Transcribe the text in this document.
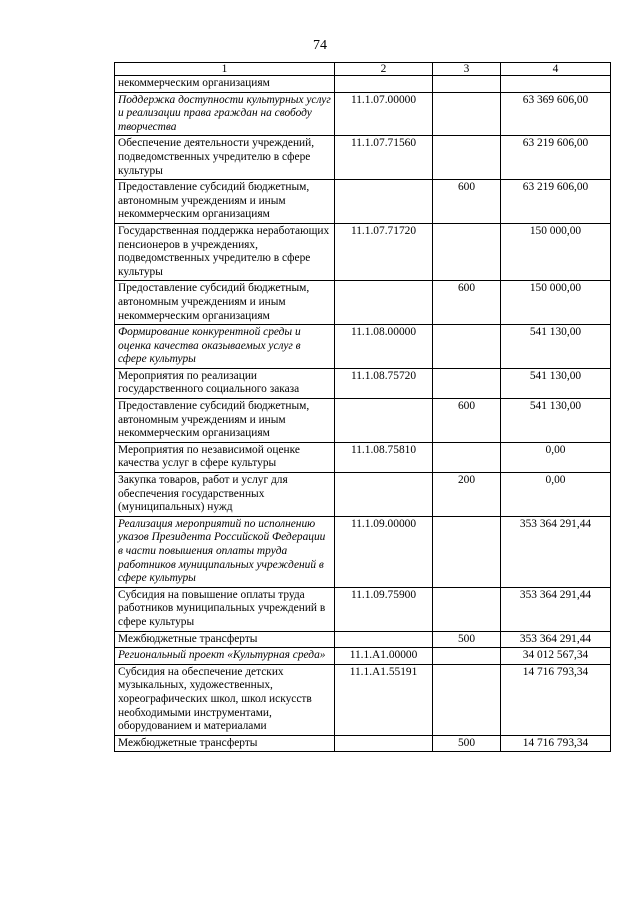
74
1	2	3	4
некоммерческим организациям			
Поддержка доступности культурных услуг и реализации права граждан на свободу творчества	11.1.07.00000		63 369 606,00
Обеспечение деятельности учреждений, подведомственных учредителю в сфере культуры	11.1.07.71560		63 219 606,00
Предоставление субсидий бюджетным, автономным учреждениям и иным некоммерческим организациям		600	63 219 606,00
Государственная поддержка неработающих пенсионеров в учреждениях, подведомственных учредителю в сфере культуры	11.1.07.71720		150 000,00
Предоставление субсидий бюджетным, автономным учреждениям и иным некоммерческим организациям		600	150 000,00
Формирование конкурентной среды и оценка качества оказываемых услуг в сфере культуры	11.1.08.00000		541 130,00
Мероприятия по реализации государственного социального заказа	11.1.08.75720		541 130,00
Предоставление субсидий бюджетным, автономным учреждениям и иным некоммерческим организациям		600	541 130,00
Мероприятия по независимой оценке качества услуг в сфере культуры	11.1.08.75810		0,00
Закупка товаров, работ и услуг для обеспечения государственных (муниципальных) нужд		200	0,00
Реализация мероприятий по исполнению указов Президента Российской Федерации в части повышения оплаты труда работников муниципальных учреждений в сфере культуры	11.1.09.00000		353 364 291,44
Субсидия на повышение оплаты труда работников муниципальных учреждений в сфере культуры	11.1.09.75900		353 364 291,44
Межбюджетные трансферты		500	353 364 291,44
Региональный проект «Культурная среда»	11.1.A1.00000		34 012 567,34
Субсидия на обеспечение детских музыкальных, художественных, хореографических школ, школ искусств необходимыми инструментами, оборудованием и материалами	11.1.A1.55191		14 716 793,34
Межбюджетные трансферты		500	14 716 793,34
